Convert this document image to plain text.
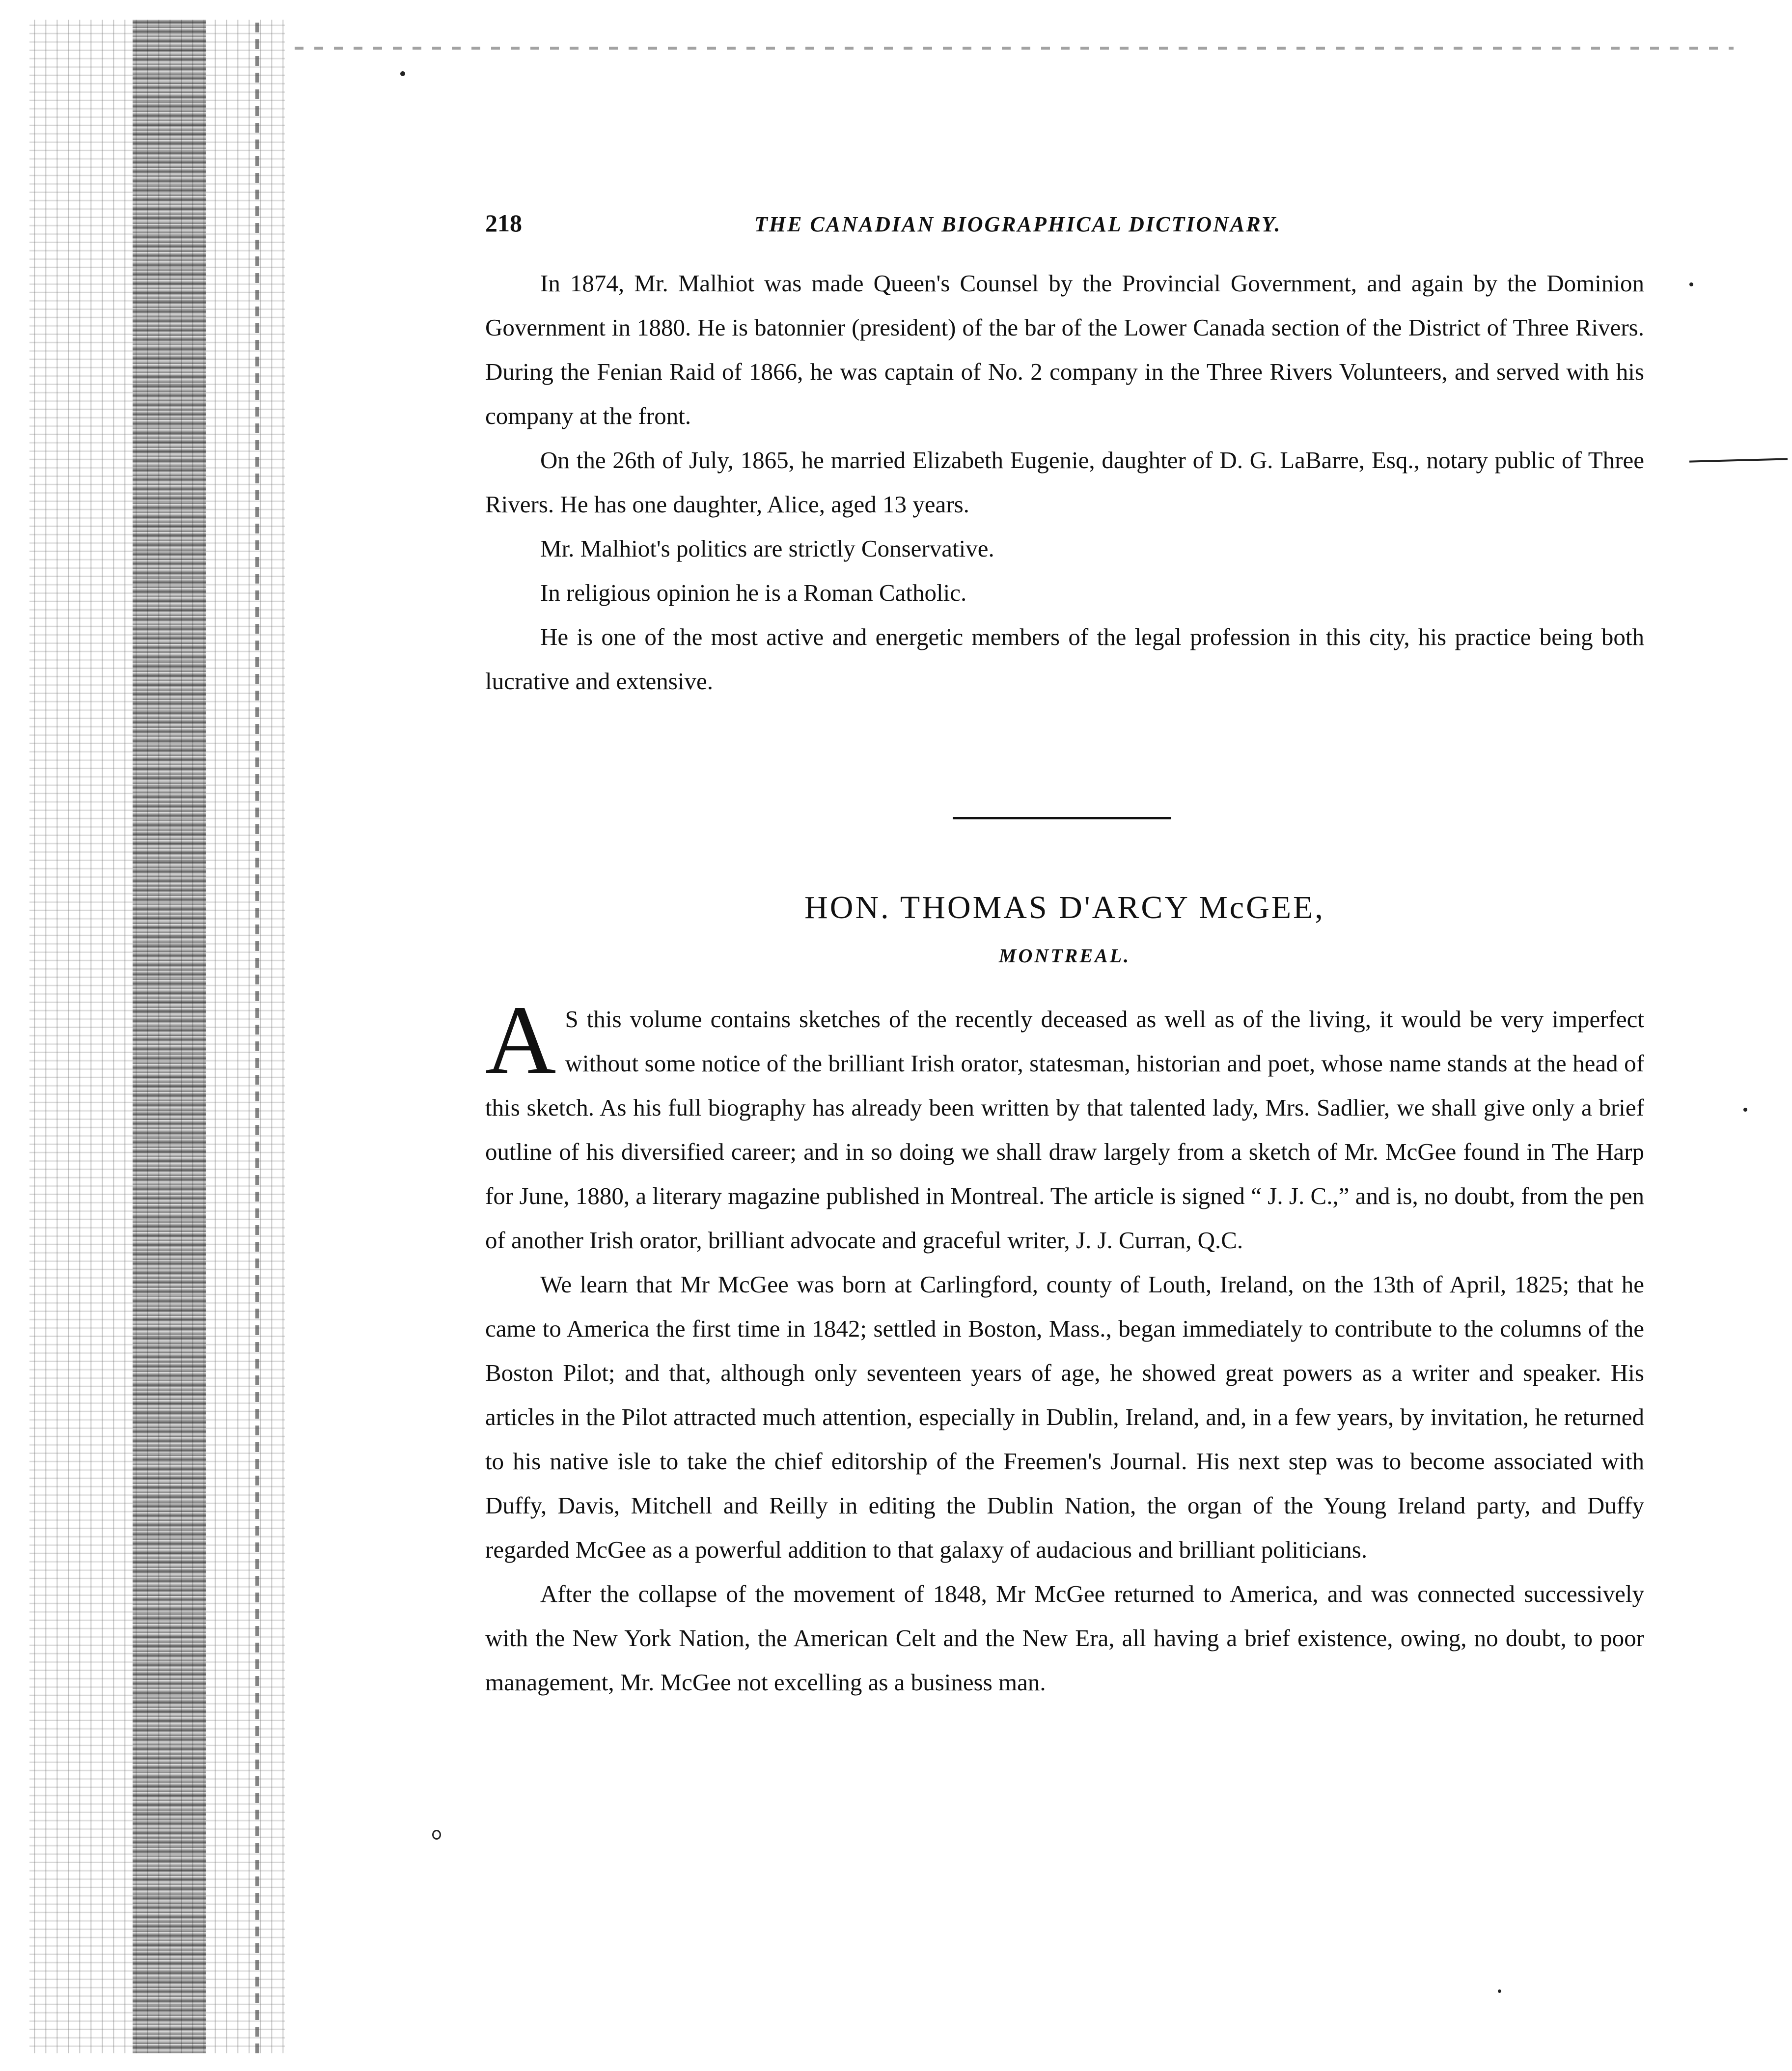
218	THE CANADIAN BIOGRAPHICAL DICTIONARY.

In 1874, Mr. Malhiot was made Queen's Counsel by the Provincial Government, and again by the Dominion Government in 1880. He is batonnier (president) of the bar of the Lower Canada section of the District of Three Rivers. During the Fenian Raid of 1866, he was captain of No. 2 company in the Three Rivers Volunteers, and served with his company at the front.

On the 26th of July, 1865, he married Elizabeth Eugenie, daughter of D. G. LaBarre, Esq., notary public of Three Rivers. He has one daughter, Alice, aged 13 years.

Mr. Malhiot's politics are strictly Conservative.

In religious opinion he is a Roman Catholic.

He is one of the most active and energetic members of the legal profession in this city, his practice being both lucrative and extensive.

HON. THOMAS D'ARCY McGEE,
MONTREAL.

A S this volume contains sketches of the recently deceased as well as of the living, it would be very imperfect without some notice of the brilliant Irish orator, statesman, historian and poet, whose name stands at the head of this sketch. As his full biography has already been written by that talented lady, Mrs. Sadlier, we shall give only a brief outline of his diversified career; and in so doing we shall draw largely from a sketch of Mr. McGee found in The Harp for June, 1880, a literary magazine published in Montreal. The article is signed “ J. J. C.,” and is, no doubt, from the pen of another Irish orator, brilliant advocate and graceful writer, J. J. Curran, Q.C.

We learn that Mr McGee was born at Carlingford, county of Louth, Ireland, on the 13th of April, 1825; that he came to America the first time in 1842; settled in Boston, Mass., began immediately to contribute to the columns of the Boston Pilot; and that, although only seventeen years of age, he showed great powers as a writer and speaker. His articles in the Pilot attracted much attention, especially in Dublin, Ireland, and, in a few years, by invitation, he returned to his native isle to take the chief editorship of the Freemen's Journal. His next step was to become associated with Duffy, Davis, Mitchell and Reilly in editing the Dublin Nation, the organ of the Young Ireland party, and Duffy regarded McGee as a powerful addition to that galaxy of audacious and brilliant politicians.

After the collapse of the movement of 1848, Mr McGee returned to America, and was connected successively with the New York Nation, the American Celt and the New Era, all having a brief existence, owing, no doubt, to poor management, Mr. McGee not excelling as a business man.
